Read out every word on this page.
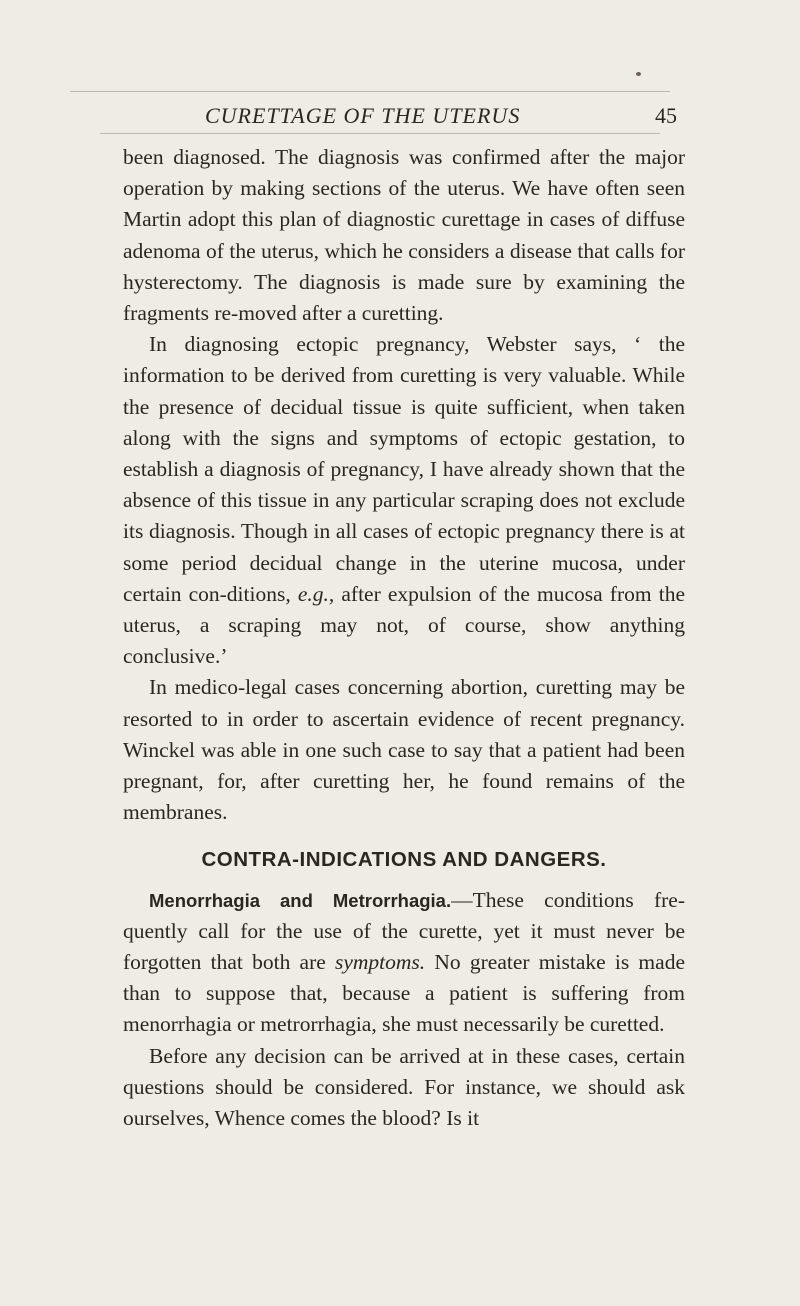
CURETTAGE OF THE UTERUS	45

been diagnosed. The diagnosis was confirmed after the major operation by making sections of the uterus. We have often seen Martin adopt this plan of diagnostic curettage in cases of diffuse adenoma of the uterus, which he considers a disease that calls for hysterectomy. The diagnosis is made sure by examining the fragments re-moved after a curetting.

In diagnosing ectopic pregnancy, Webster says, ‘ the information to be derived from curetting is very valuable. While the presence of decidual tissue is quite sufficient, when taken along with the signs and symptoms of ectopic gestation, to establish a diagnosis of pregnancy, I have already shown that the absence of this tissue in any particular scraping does not exclude its diagnosis. Though in all cases of ectopic pregnancy there is at some period decidual change in the uterine mucosa, under certain con-ditions, e.g., after expulsion of the mucosa from the uterus, a scraping may not, of course, show anything conclusive.’

In medico-legal cases concerning abortion, curetting may be resorted to in order to ascertain evidence of recent pregnancy. Winckel was able in one such case to say that a patient had been pregnant, for, after curetting her, he found remains of the membranes.

CONTRA-INDICATIONS AND DANGERS.

Menorrhagia and Metrorrhagia.—These conditions fre-quently call for the use of the curette, yet it must never be forgotten that both are symptoms. No greater mistake is made than to suppose that, because a patient is suffering from menorrhagia or metrorrhagia, she must necessarily be curetted.

Before any decision can be arrived at in these cases, certain questions should be considered. For instance, we should ask ourselves, Whence comes the blood? Is it
